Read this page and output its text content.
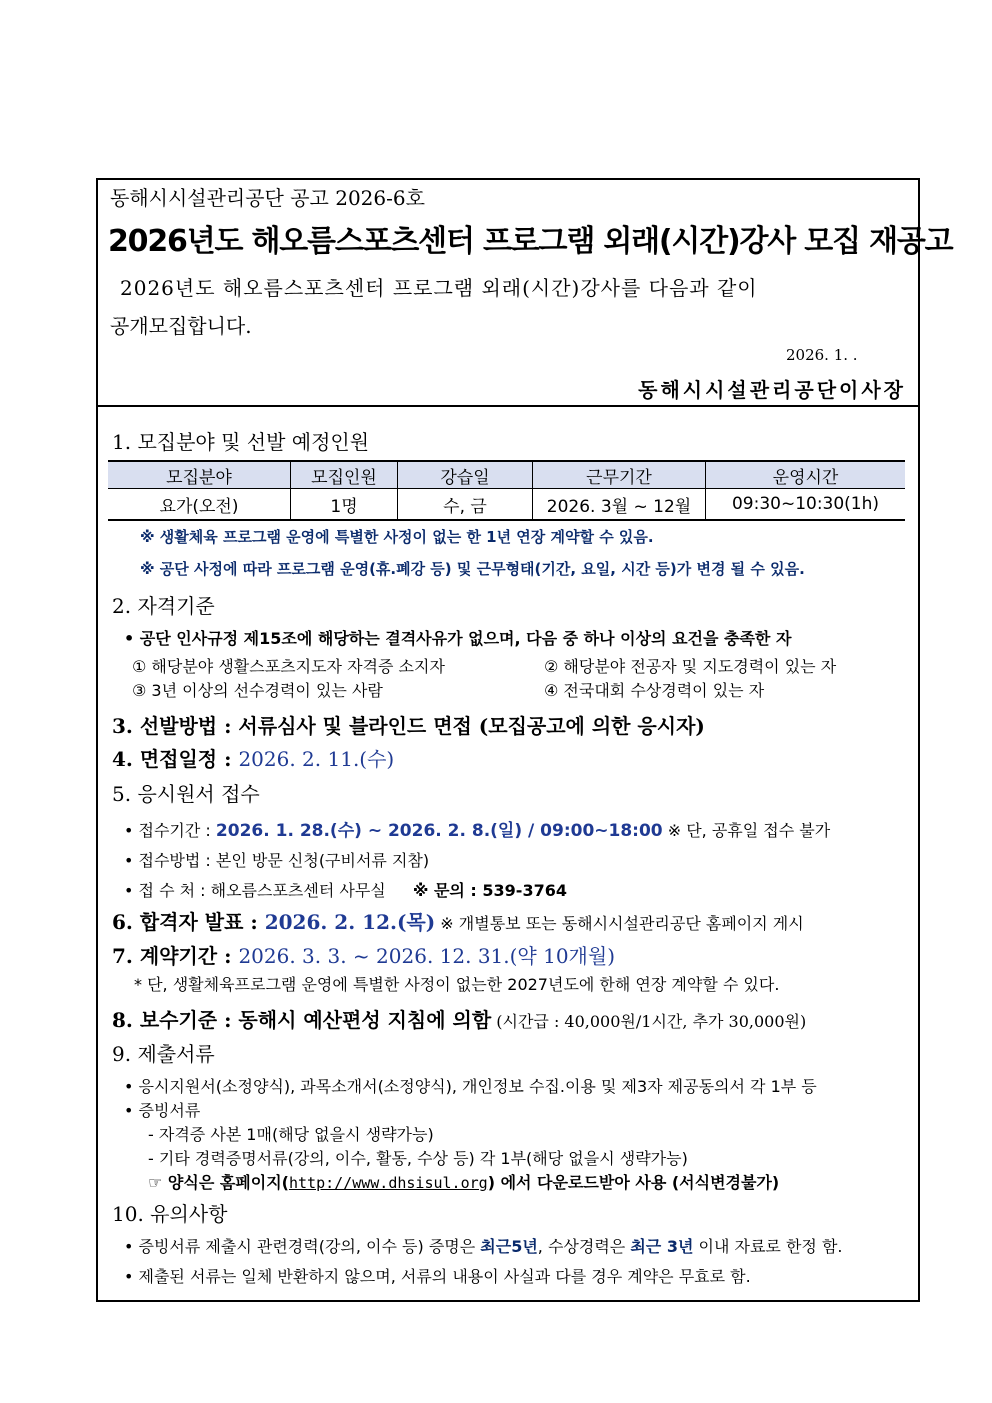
동해시시설관리공단 공고 2026-6호
2026년도 해오름스포츠센터 프로그램 외래(시간)강사 모집 재공고
2026년도 해오름스포츠센터 프로그램 외래(시간)강사를 다음과 같이
공개모집합니다.
2026. 1. .
동해시시설관리공단이사장
1. 모집분야 및 선발 예정인원
모집분야	모집인원	강습일	근무기간	운영시간
요가(오전)	1명	수, 금	2026. 3월 ~ 12월	09:30~10:30(1h)
※ 생활체육 프로그램 운영에 특별한 사정이 없는 한 1년 연장 계약할 수 있음.
※ 공단 사정에 따라 프로그램 운영(휴.폐강 등) 및 근무형태(기간, 요일, 시간 등)가 변경 될 수 있음.
2. 자격기준
• 공단 인사규정 제15조에 해당하는 결격사유가 없으며, 다음 중 하나 이상의 요건을 충족한 자
① 해당분야 생활스포츠지도자 자격증 소지자	② 해당분야 전공자 및 지도경력이 있는 자
③ 3년 이상의 선수경력이 있는 사람	④ 전국대회 수상경력이 있는 자
3. 선발방법 : 서류심사 및 블라인드 면접 (모집공고에 의한 응시자)
4. 면접일정 : 2026. 2. 11.(수)
5. 응시원서 접수
• 접수기간 : 2026. 1. 28.(수) ~ 2026. 2. 8.(일) / 09:00~18:00 ※ 단, 공휴일 접수 불가
• 접수방법 : 본인 방문 신청(구비서류 지참)
• 접 수 처 : 해오름스포츠센터 사무실 ※ 문의 : 539-3764
6. 합격자 발표 : 2026. 2. 12.(목) ※ 개별통보 또는 동해시시설관리공단 홈페이지 게시
7. 계약기간 : 2026. 3. 3. ~ 2026. 12. 31.(약 10개월)
* 단, 생활체육프로그램 운영에 특별한 사정이 없는한 2027년도에 한해 연장 계약할 수 있다.
8. 보수기준 : 동해시 예산편성 지침에 의함 (시간급 : 40,000원/1시간, 추가 30,000원)
9. 제출서류
• 응시지원서(소정양식), 과목소개서(소정양식), 개인정보 수집.이용 및 제3자 제공동의서 각 1부 등
• 증빙서류
- 자격증 사본 1매(해당 없을시 생략가능)
- 기타 경력증명서류(강의, 이수, 활동, 수상 등) 각 1부(해당 없을시 생략가능)
☞ 양식은 홈페이지(http://www.dhsisul.org) 에서 다운로드받아 사용 (서식변경불가)
10. 유의사항
• 증빙서류 제출시 관련경력(강의, 이수 등) 증명은 최근5년, 수상경력은 최근 3년 이내 자료로 한정 함.
• 제출된 서류는 일체 반환하지 않으며, 서류의 내용이 사실과 다를 경우 계약은 무효로 함.
